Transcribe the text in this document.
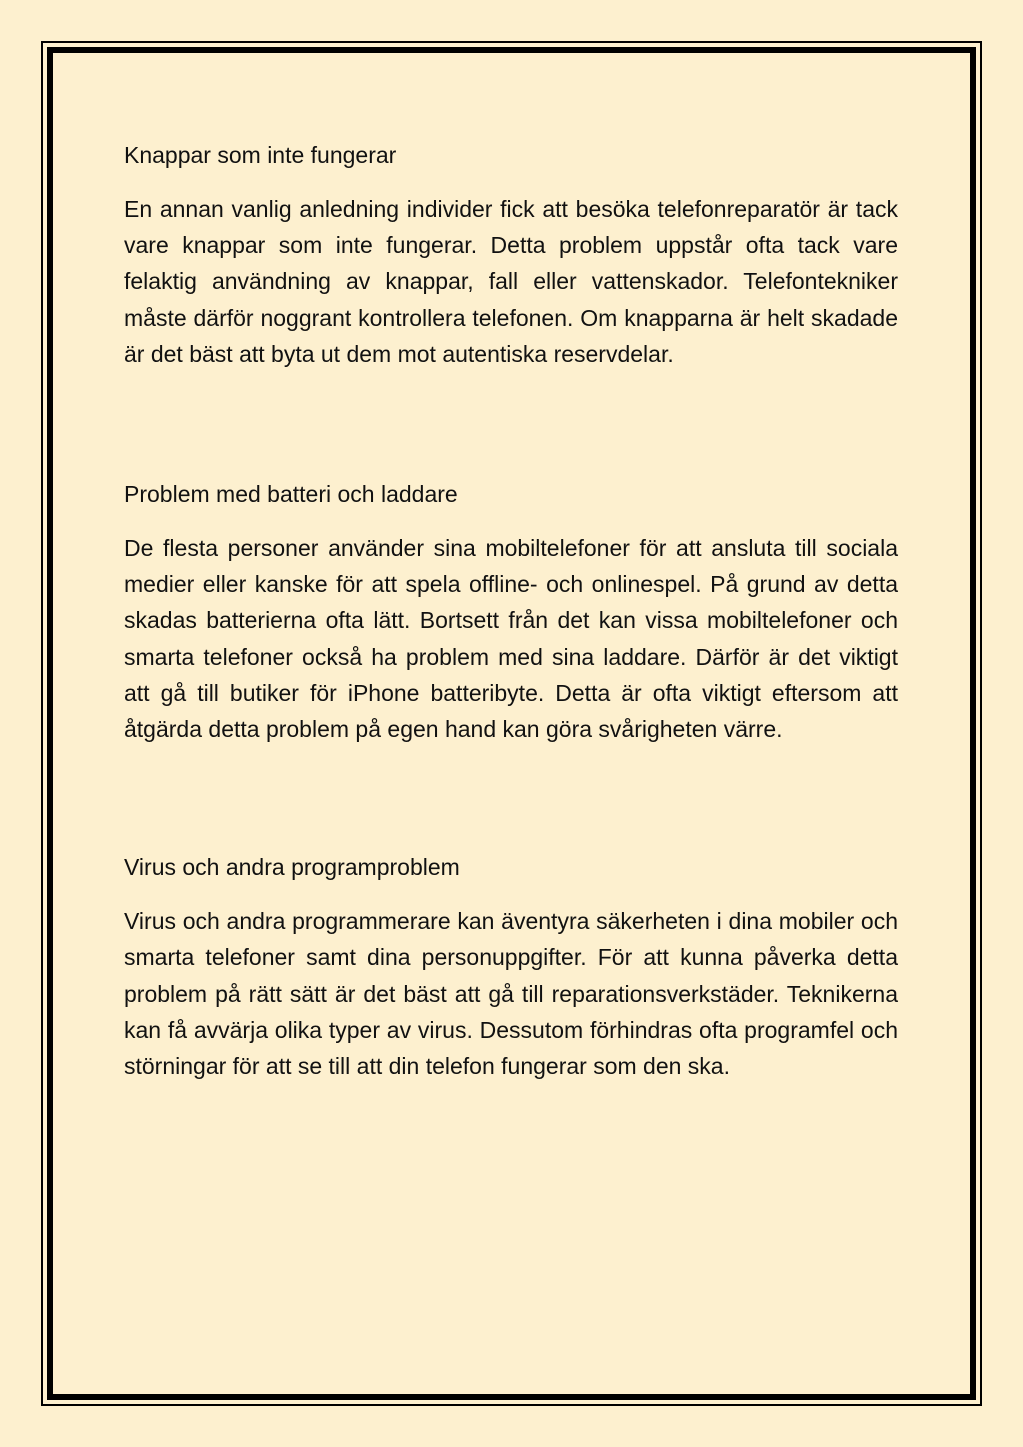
Knappar som inte fungerar

En annan vanlig anledning individer fick att besöka telefonreparatör är tack vare knappar som inte fungerar. Detta problem uppstår ofta tack vare felaktig användning av knappar, fall eller vattenskador. Telefontekniker måste därför noggrant kontrollera telefonen. Om knapparna är helt skadade är det bäst att byta ut dem mot autentiska reservdelar.

Problem med batteri och laddare

De flesta personer använder sina mobiltelefoner för att ansluta till sociala medier eller kanske för att spela offline- och onlinespel. På grund av detta skadas batterierna ofta lätt. Bortsett från det kan vissa mobiltelefoner och smarta telefoner också ha problem med sina laddare. Därför är det viktigt att gå till butiker för iPhone batteribyte. Detta är ofta viktigt eftersom att åtgärda detta problem på egen hand kan göra svårigheten värre.

Virus och andra programproblem

Virus och andra programmerare kan äventyra säkerheten i dina mobiler och smarta telefoner samt dina personuppgifter. För att kunna påverka detta problem på rätt sätt är det bäst att gå till reparationsverkstäder. Teknikerna kan få avvärja olika typer av virus. Dessutom förhindras ofta programfel och störningar för att se till att din telefon fungerar som den ska.
